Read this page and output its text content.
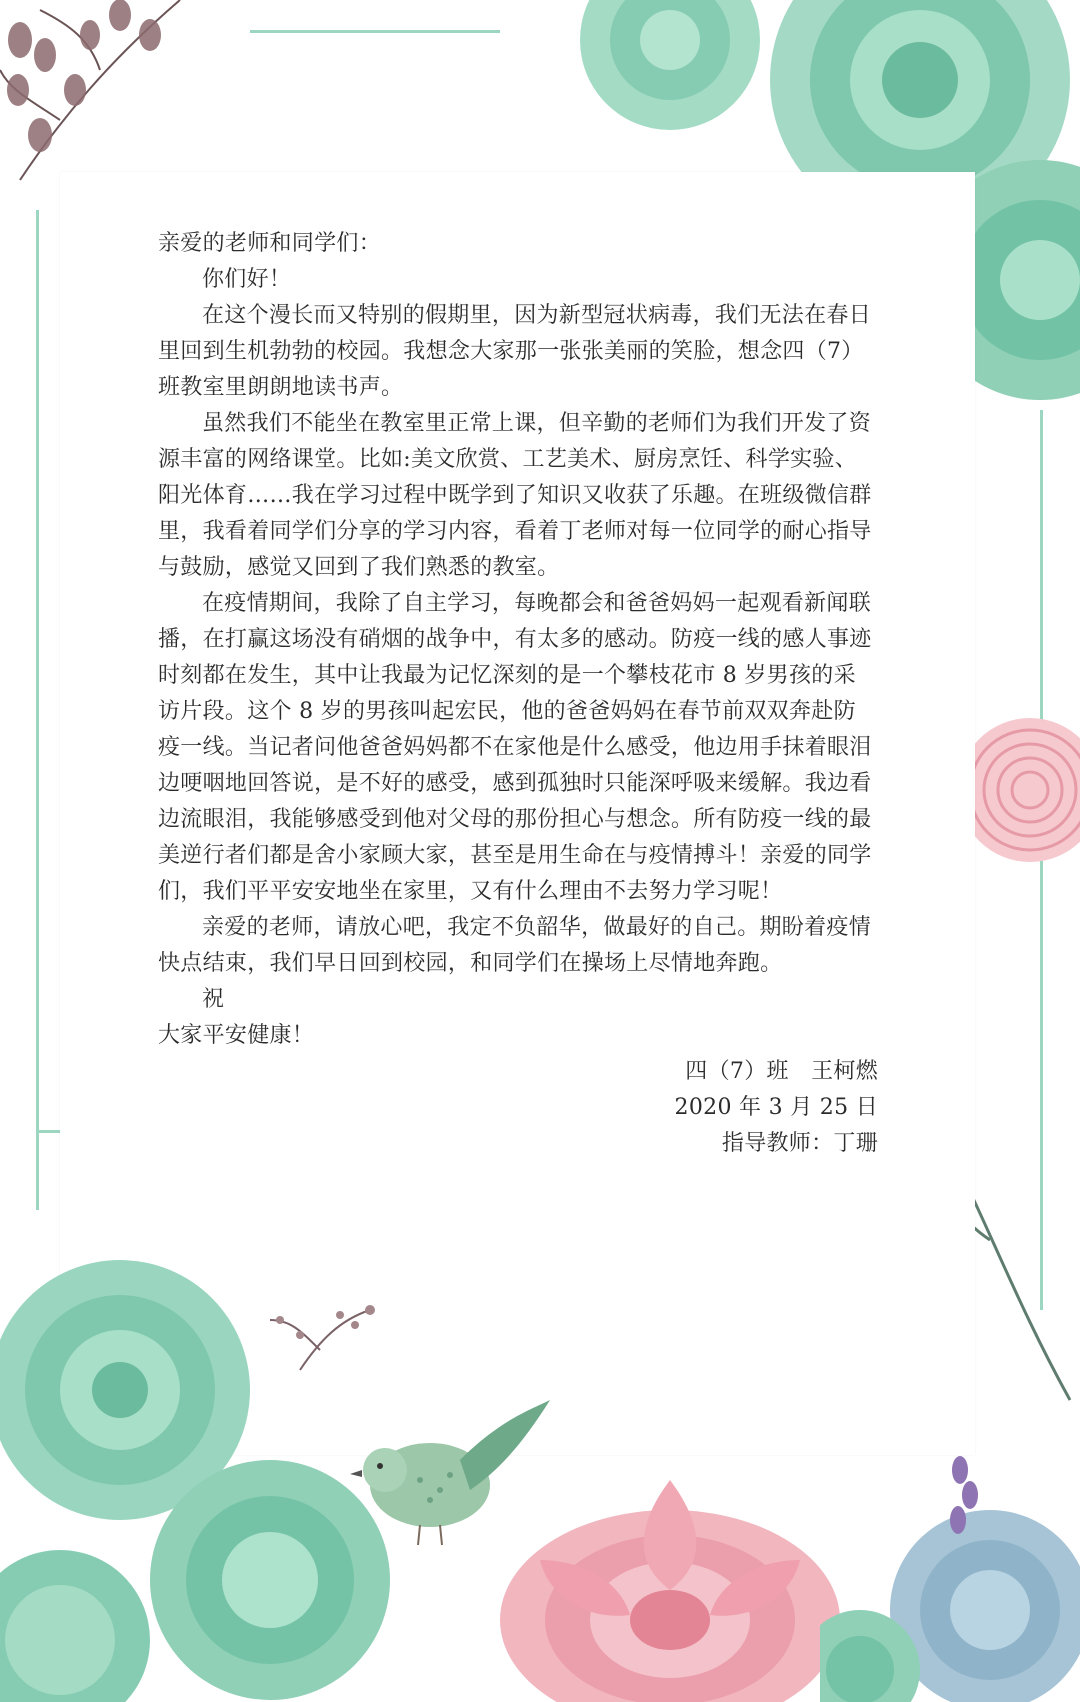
亲爱的老师和同学们：

你们好！

在这个漫长而又特别的假期里，因为新型冠状病毒，我们无法在春日里回到生机勃勃的校园。我想念大家那一张张美丽的笑脸，想念四（7）班教室里朗朗地读书声。

虽然我们不能坐在教室里正常上课，但辛勤的老师们为我们开发了资源丰富的网络课堂。比如:美文欣赏、工艺美术、厨房烹饪、科学实验、阳光体育……我在学习过程中既学到了知识又收获了乐趣。在班级微信群里，我看着同学们分享的学习内容，看着丁老师对每一位同学的耐心指导与鼓励，感觉又回到了我们熟悉的教室。

在疫情期间，我除了自主学习，每晚都会和爸爸妈妈一起观看新闻联播，在打赢这场没有硝烟的战争中，有太多的感动。防疫一线的感人事迹时刻都在发生，其中让我最为记忆深刻的是一个攀枝花市 8 岁男孩的采访片段。这个 8 岁的男孩叫起宏民，他的爸爸妈妈在春节前双双奔赴防疫一线。当记者问他爸爸妈妈都不在家他是什么感受，他边用手抹着眼泪边哽咽地回答说，是不好的感受，感到孤独时只能深呼吸来缓解。我边看边流眼泪，我能够感受到他对父母的那份担心与想念。所有防疫一线的最美逆行者们都是舍小家顾大家，甚至是用生命在与疫情搏斗！亲爱的同学们，我们平平安安地坐在家里，又有什么理由不去努力学习呢！

亲爱的老师，请放心吧，我定不负韶华，做最好的自己。期盼着疫情快点结束，我们早日回到校园，和同学们在操场上尽情地奔跑。

祝

大家平安健康！

四（7）班　王柯燃

2020 年 3 月 25 日

指导教师：丁珊
